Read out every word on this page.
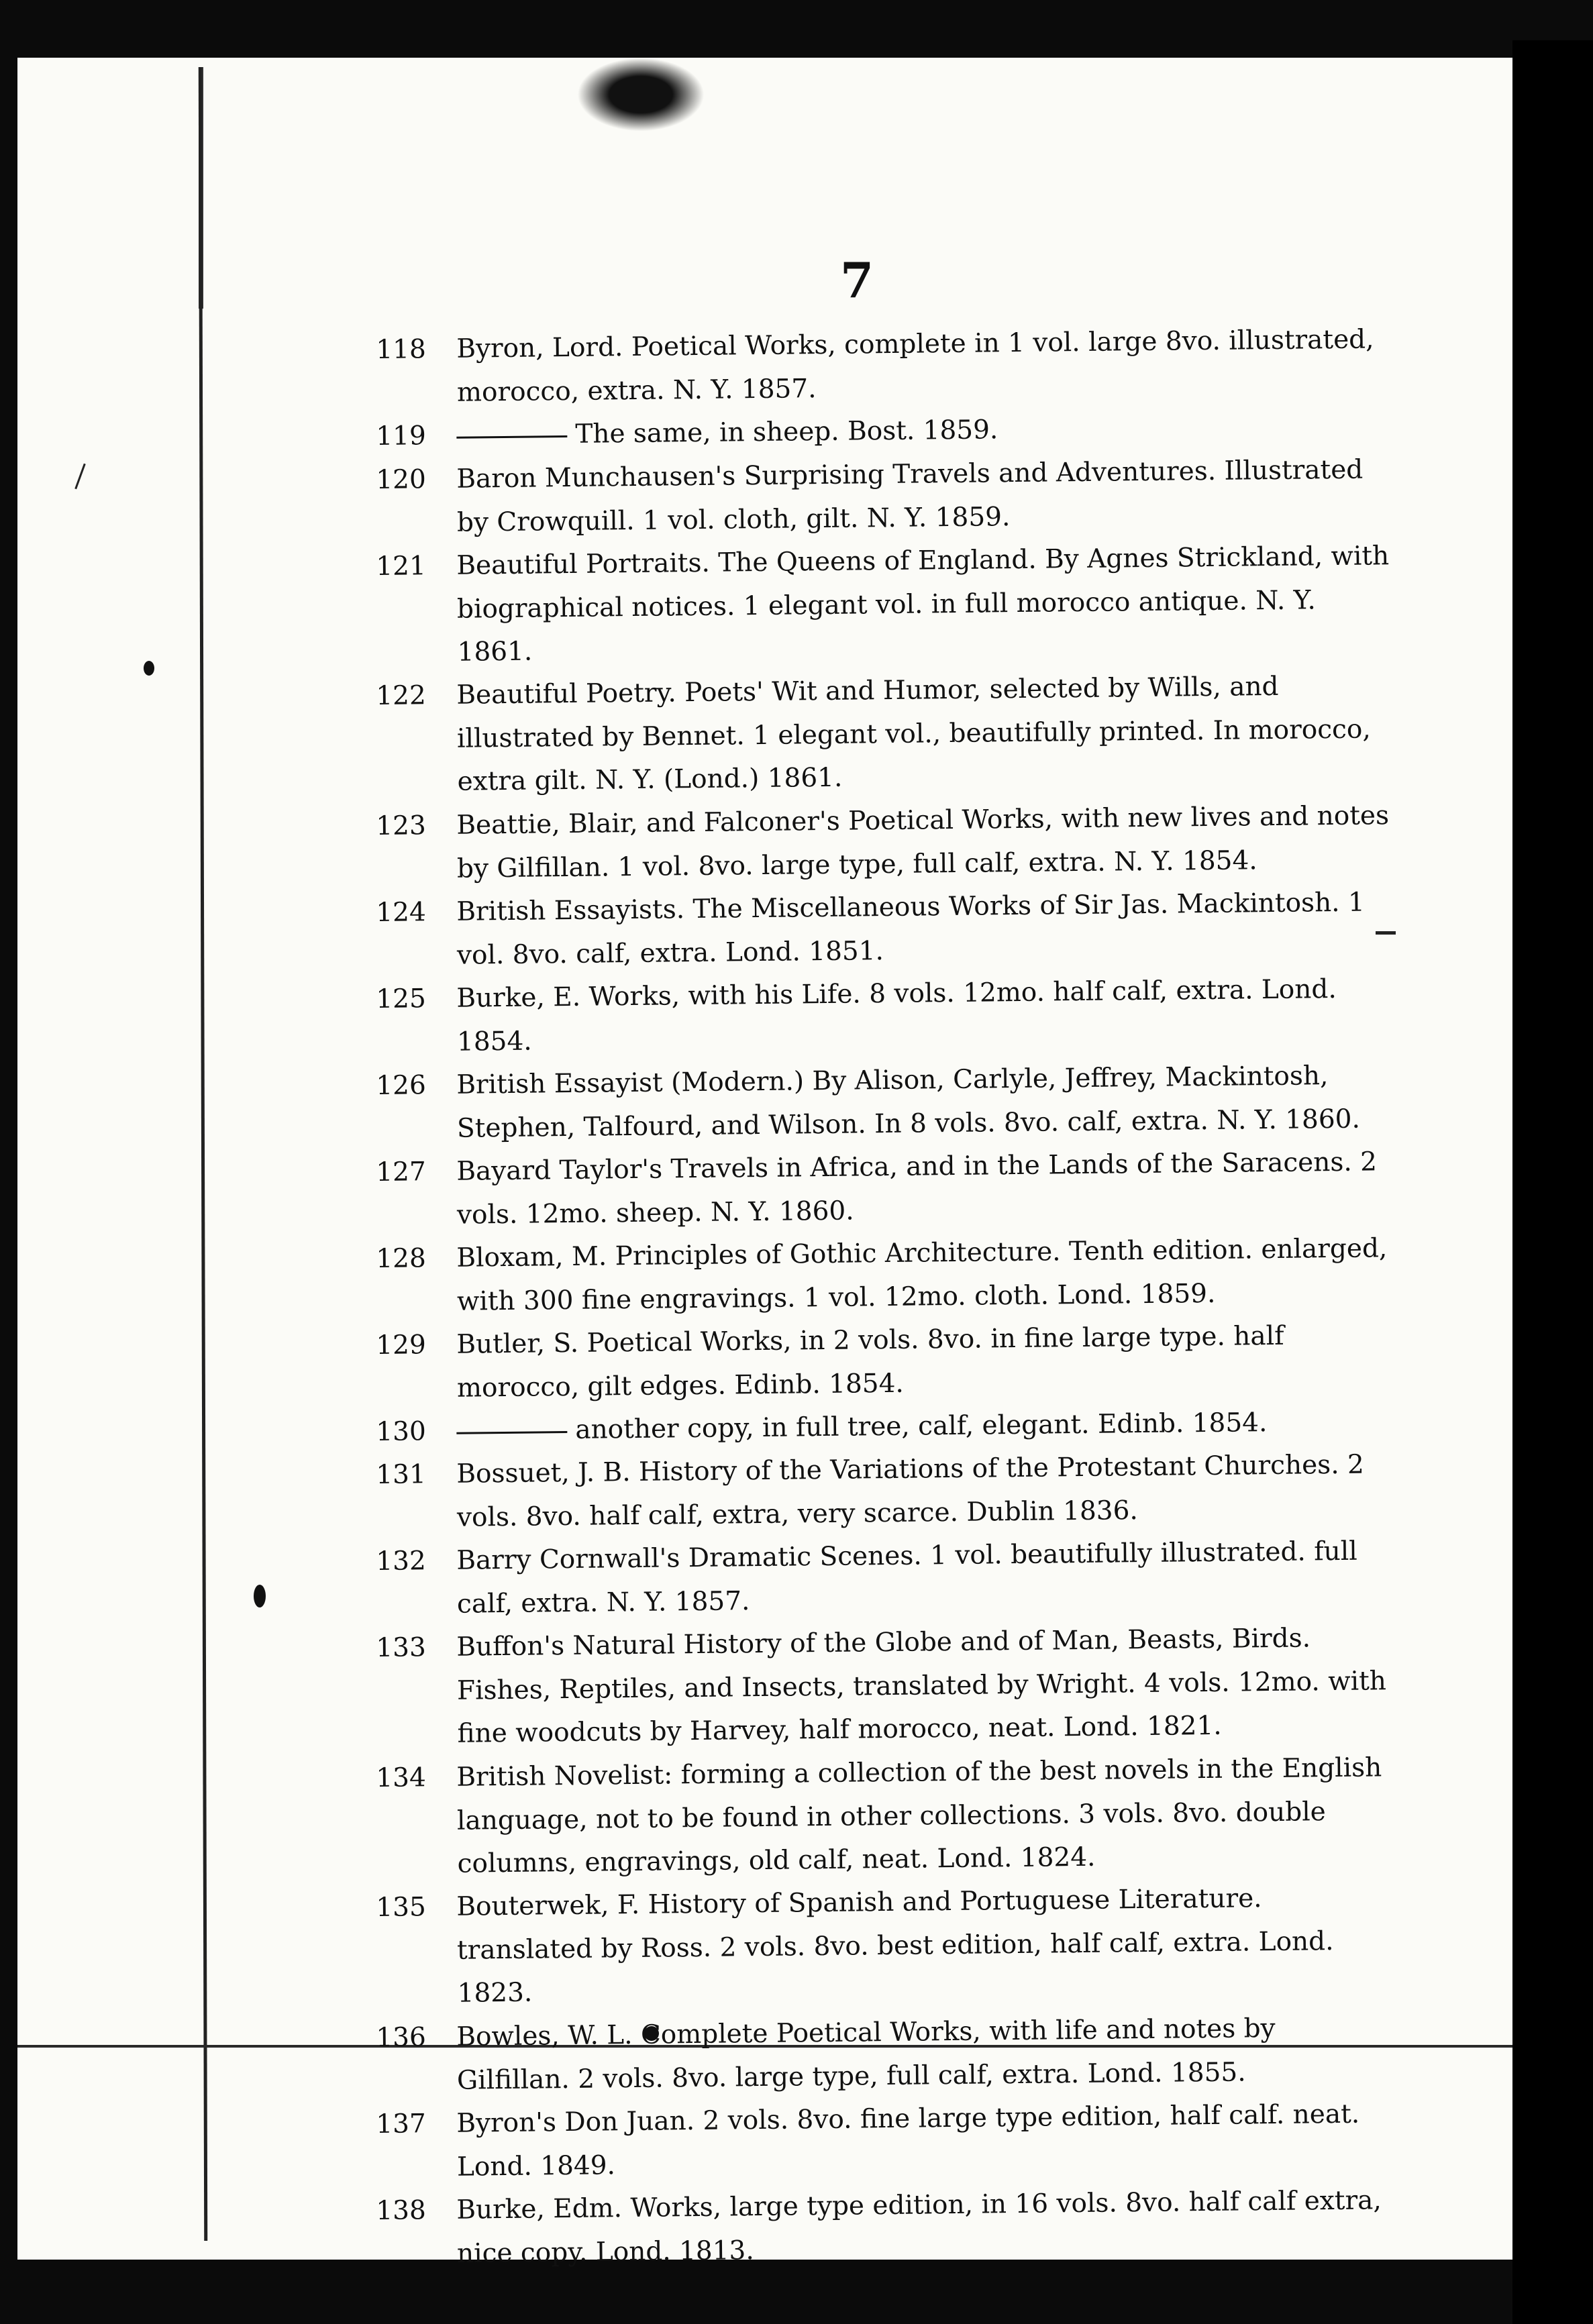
7
118	Byron, Lord. Poetical Works, complete in 1 vol. large 8vo. illustrated, morocco, extra. N. Y. 1857.
119	The same, in sheep. Bost. 1859.
120	Baron Munchausen's Surprising Travels and Adventures. Illustrated by Crowquill. 1 vol. cloth, gilt. N. Y. 1859.
121	Beautiful Portraits. The Queens of England. By Agnes Strickland, with biographical notices. 1 elegant vol. in full morocco antique. N. Y. 1861.
122	Beautiful Poetry. Poets' Wit and Humor, selected by Wills, and illustrated by Bennet. 1 elegant vol., beautifully printed. In morocco, extra gilt. N. Y. (Lond.) 1861.
123	Beattie, Blair, and Falconer's Poetical Works, with new lives and notes by Gilfillan. 1 vol. 8vo. large type, full calf, extra. N. Y. 1854.
124	British Essayists. The Miscellaneous Works of Sir Jas. Mackintosh. 1 vol. 8vo. calf, extra. Lond. 1851.
125	Burke, E. Works, with his Life. 8 vols. 12mo. half calf, extra. Lond. 1854.
126	British Essayist (Modern.) By Alison, Carlyle, Jeffrey, Mackintosh, Stephen, Talfourd, and Wilson. In 8 vols. 8vo. calf, extra. N. Y. 1860.
127	Bayard Taylor's Travels in Africa, and in the Lands of the Saracens. 2 vols. 12mo. sheep. N. Y. 1860.
128	Bloxam, M. Principles of Gothic Architecture. Tenth edition. enlarged, with 300 fine engravings. 1 vol. 12mo. cloth. Lond. 1859.
129	Butler, S. Poetical Works, in 2 vols. 8vo. in fine large type. half morocco, gilt edges. Edinb. 1854.
130	another copy, in full tree, calf, elegant. Edinb. 1854.
131	Bossuet, J. B. History of the Variations of the Protestant Churches. 2 vols. 8vo. half calf, extra, very scarce. Dublin 1836.
132	Barry Cornwall's Dramatic Scenes. 1 vol. beautifully illustrated. full calf, extra. N. Y. 1857.
133	Buffon's Natural History of the Globe and of Man, Beasts, Birds. Fishes, Reptiles, and Insects, translated by Wright. 4 vols. 12mo. with fine woodcuts by Harvey, half morocco, neat. Lond. 1821.
134	British Novelist: forming a collection of the best novels in the English language, not to be found in other collections. 3 vols. 8vo. double columns, engravings, old calf, neat. Lond. 1824.
135	Bouterwek, F. History of Spanish and Portuguese Literature. translated by Ross. 2 vols. 8vo. best edition, half calf, extra. Lond. 1823.
136	Bowles, W. L. Complete Poetical Works, with life and notes by Gilfillan. 2 vols. 8vo. large type, full calf, extra. Lond. 1855.
137	Byron's Don Juan. 2 vols. 8vo. fine large type edition, half calf. neat. Lond. 1849.
138	Burke, Edm. Works, large type edition, in 16 vols. 8vo. half calf extra, nice copy. Lond. 1813.
